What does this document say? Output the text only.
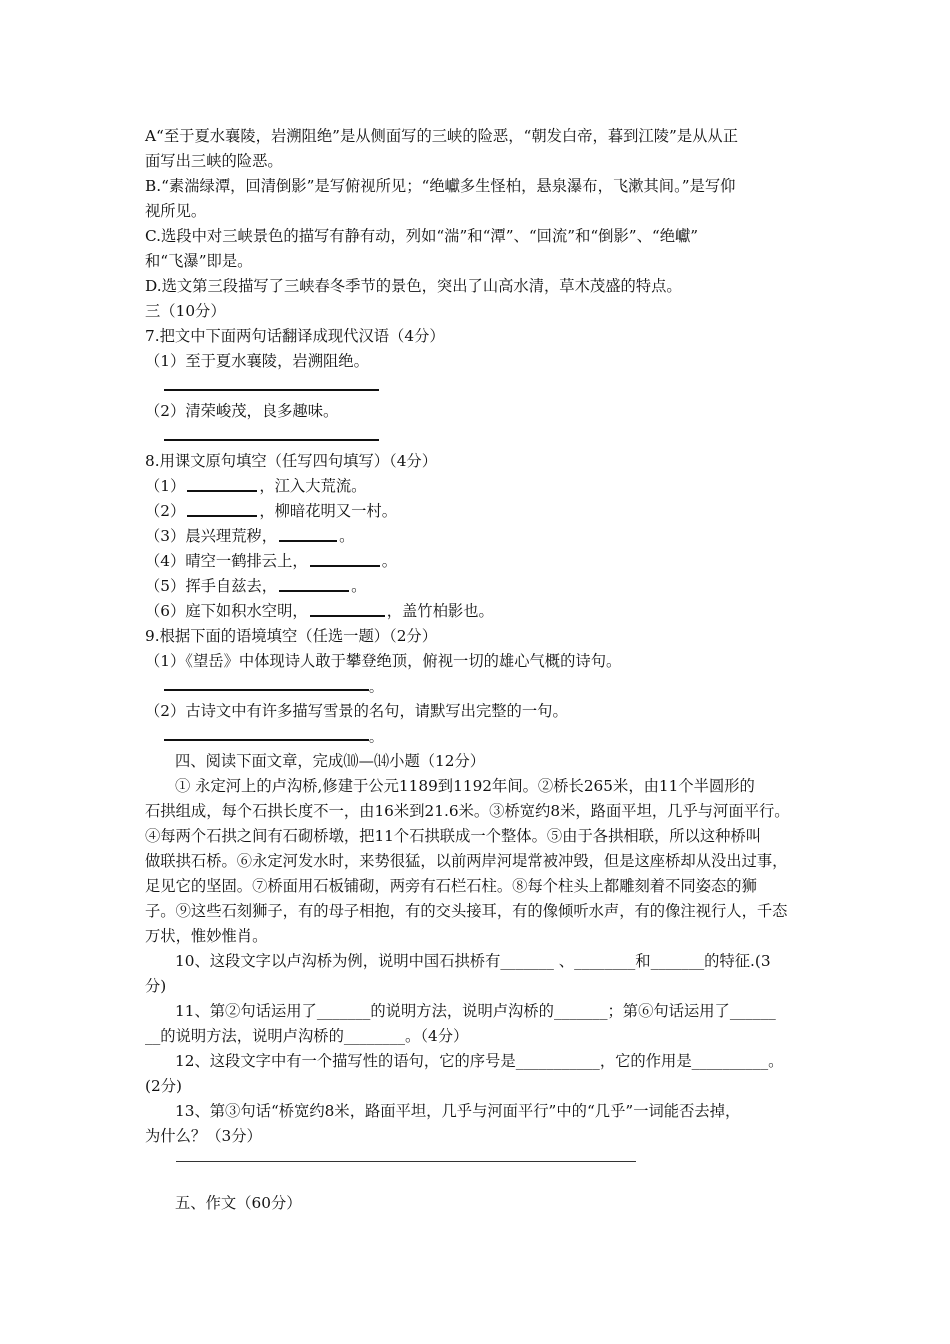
A“至于夏水襄陵，岩溯阻绝”是从侧面写的三峡的险恶，“朝发白帝，暮到江陵”是从从正
面写出三峡的险恶。
B.“素湍绿潭，回清倒影”是写俯视所见；“绝巘多生怪柏，悬泉瀑布，飞漱其间。”是写仰
视所见。
C.选段中对三峡景色的描写有静有动，列如“湍”和“潭”、“回流”和“倒影”、“绝巘”
和“飞瀑”即是。
D.选文第三段描写了三峡春冬季节的景色，突出了山高水清，草木茂盛的特点。
三（10分）
7.把文中下面两句话翻译成现代汉语（4分）
（1）至于夏水襄陵，岩溯阻绝。
（2）清荣峻茂，良多趣味。
8.用课文原句填空（任写四句填写）（4分）
（1）	，江入大荒流。
（2）	，柳暗花明又一村。
（3）晨兴理荒秽，	。
（4）晴空一鹤排云上，	。
（5）挥手自兹去，	。
（6）庭下如积水空明，	，盖竹柏影也。
9.根据下面的语境填空（任选一题）（2分）
（1）《望岳》中体现诗人敢于攀登绝顶，俯视一切的雄心气概的诗句。
。
（2）古诗文中有许多描写雪景的名句，请默写出完整的一句。
。
四、阅读下面文章，完成⑽—⒁小题（12分）
① 永定河上的卢沟桥,修建于公元1189到1192年间。②桥长265米，由11个半圆形的
石拱组成，每个石拱长度不一，由16米到21.6米。③桥宽约8米，路面平坦，几乎与河面平行。
④每两个石拱之间有石砌桥墩，把11个石拱联成一个整体。⑤由于各拱相联，所以这种桥叫
做联拱石桥。⑥永定河发水时，来势很猛，以前两岸河堤常被冲毁，但是这座桥却从没出过事，
足见它的坚固。⑦桥面用石板铺砌，两旁有石栏石柱。⑧每个柱头上都雕刻着不同姿态的狮
子。⑨这些石刻狮子，有的母子相抱，有的交头接耳，有的像倾听水声，有的像注视行人，千态
万状，惟妙惟肖。
10、这段文字以卢沟桥为例，说明中国石拱桥有_______ 、________和_______的特征.(3
分)
11、第②句话运用了_______的说明方法，说明卢沟桥的_______；第⑥句话运用了______
__的说明方法，说明卢沟桥的________。（4分）
12、这段文字中有一个描写性的语句，它的序号是___________，它的作用是__________。
(2分)
13、第③句话“桥宽约8米，路面平坦，几乎与河面平行”中的“几乎”一词能否去掉，
为什么？（3分）
五、作文（60分）
